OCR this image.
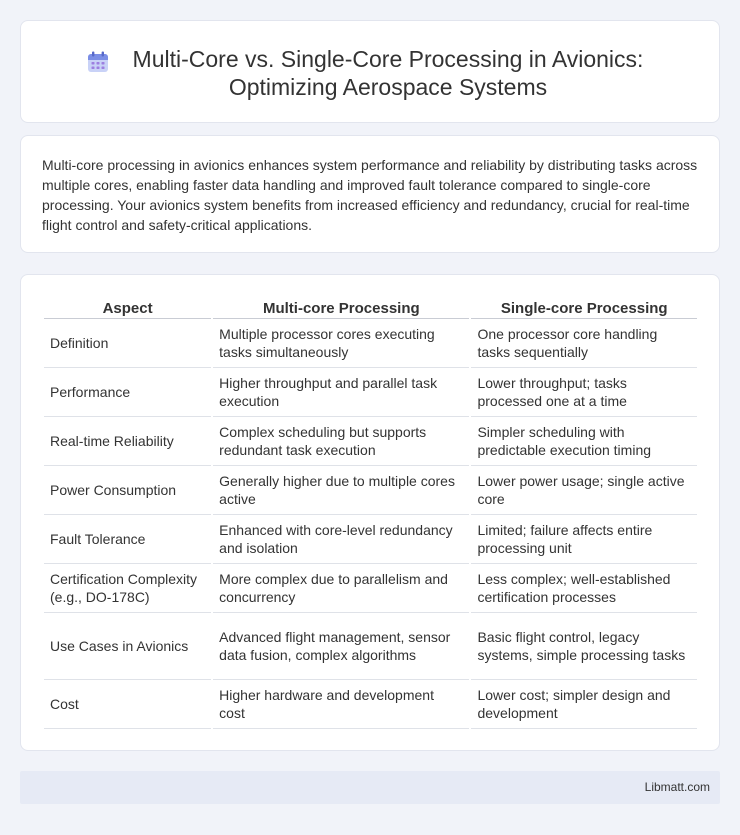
Multi-Core vs. Single-Core Processing in Avionics: Optimizing Aerospace Systems

Multi-core processing in avionics enhances system performance and reliability by distributing tasks across multiple cores, enabling faster data handling and improved fault tolerance compared to single-core processing. Your avionics system benefits from increased efficiency and redundancy, crucial for real-time flight control and safety-critical applications.

Aspect	Multi-core Processing	Single-core Processing
Definition	Multiple processor cores executing tasks simultaneously	One processor core handling tasks sequentially
Performance	Higher throughput and parallel task execution	Lower throughput; tasks processed one at a time
Real-time Reliability	Complex scheduling but supports redundant task execution	Simpler scheduling with predictable execution timing
Power Consumption	Generally higher due to multiple cores active	Lower power usage; single active core
Fault Tolerance	Enhanced with core-level redundancy and isolation	Limited; failure affects entire processing unit
Certification Complexity (e.g., DO-178C)	More complex due to parallelism and concurrency	Less complex; well-established certification processes
Use Cases in Avionics	Advanced flight management, sensor data fusion, complex algorithms	Basic flight control, legacy systems, simple processing tasks
Cost	Higher hardware and development cost	Lower cost; simpler design and development
Libmatt.com
